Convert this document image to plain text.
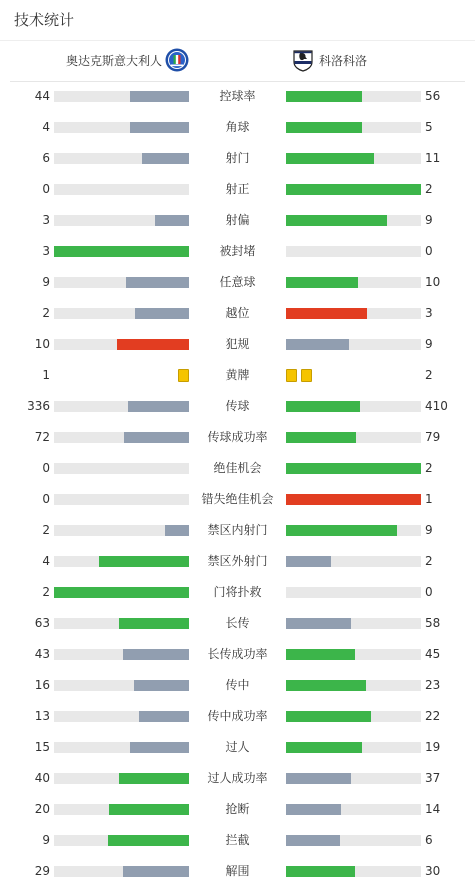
技术统计
奥达克斯意大利人	科洛科洛
44	控球率	56
4	角球	5
6	射门	11
0	射正	2
3	射偏	9
3	被封堵	0
9	任意球	10
2	越位	3
10	犯规	9
1	黄牌	2
336	传球	410
72	传球成功率	79
0	绝佳机会	2
0	错失绝佳机会	1
2	禁区内射门	9
4	禁区外射门	2
2	门将扑救	0
63	长传	58
43	长传成功率	45
16	传中	23
13	传中成功率	22
15	过人	19
40	过人成功率	37
20	抢断	14
9	拦截	6
29	解围	30
